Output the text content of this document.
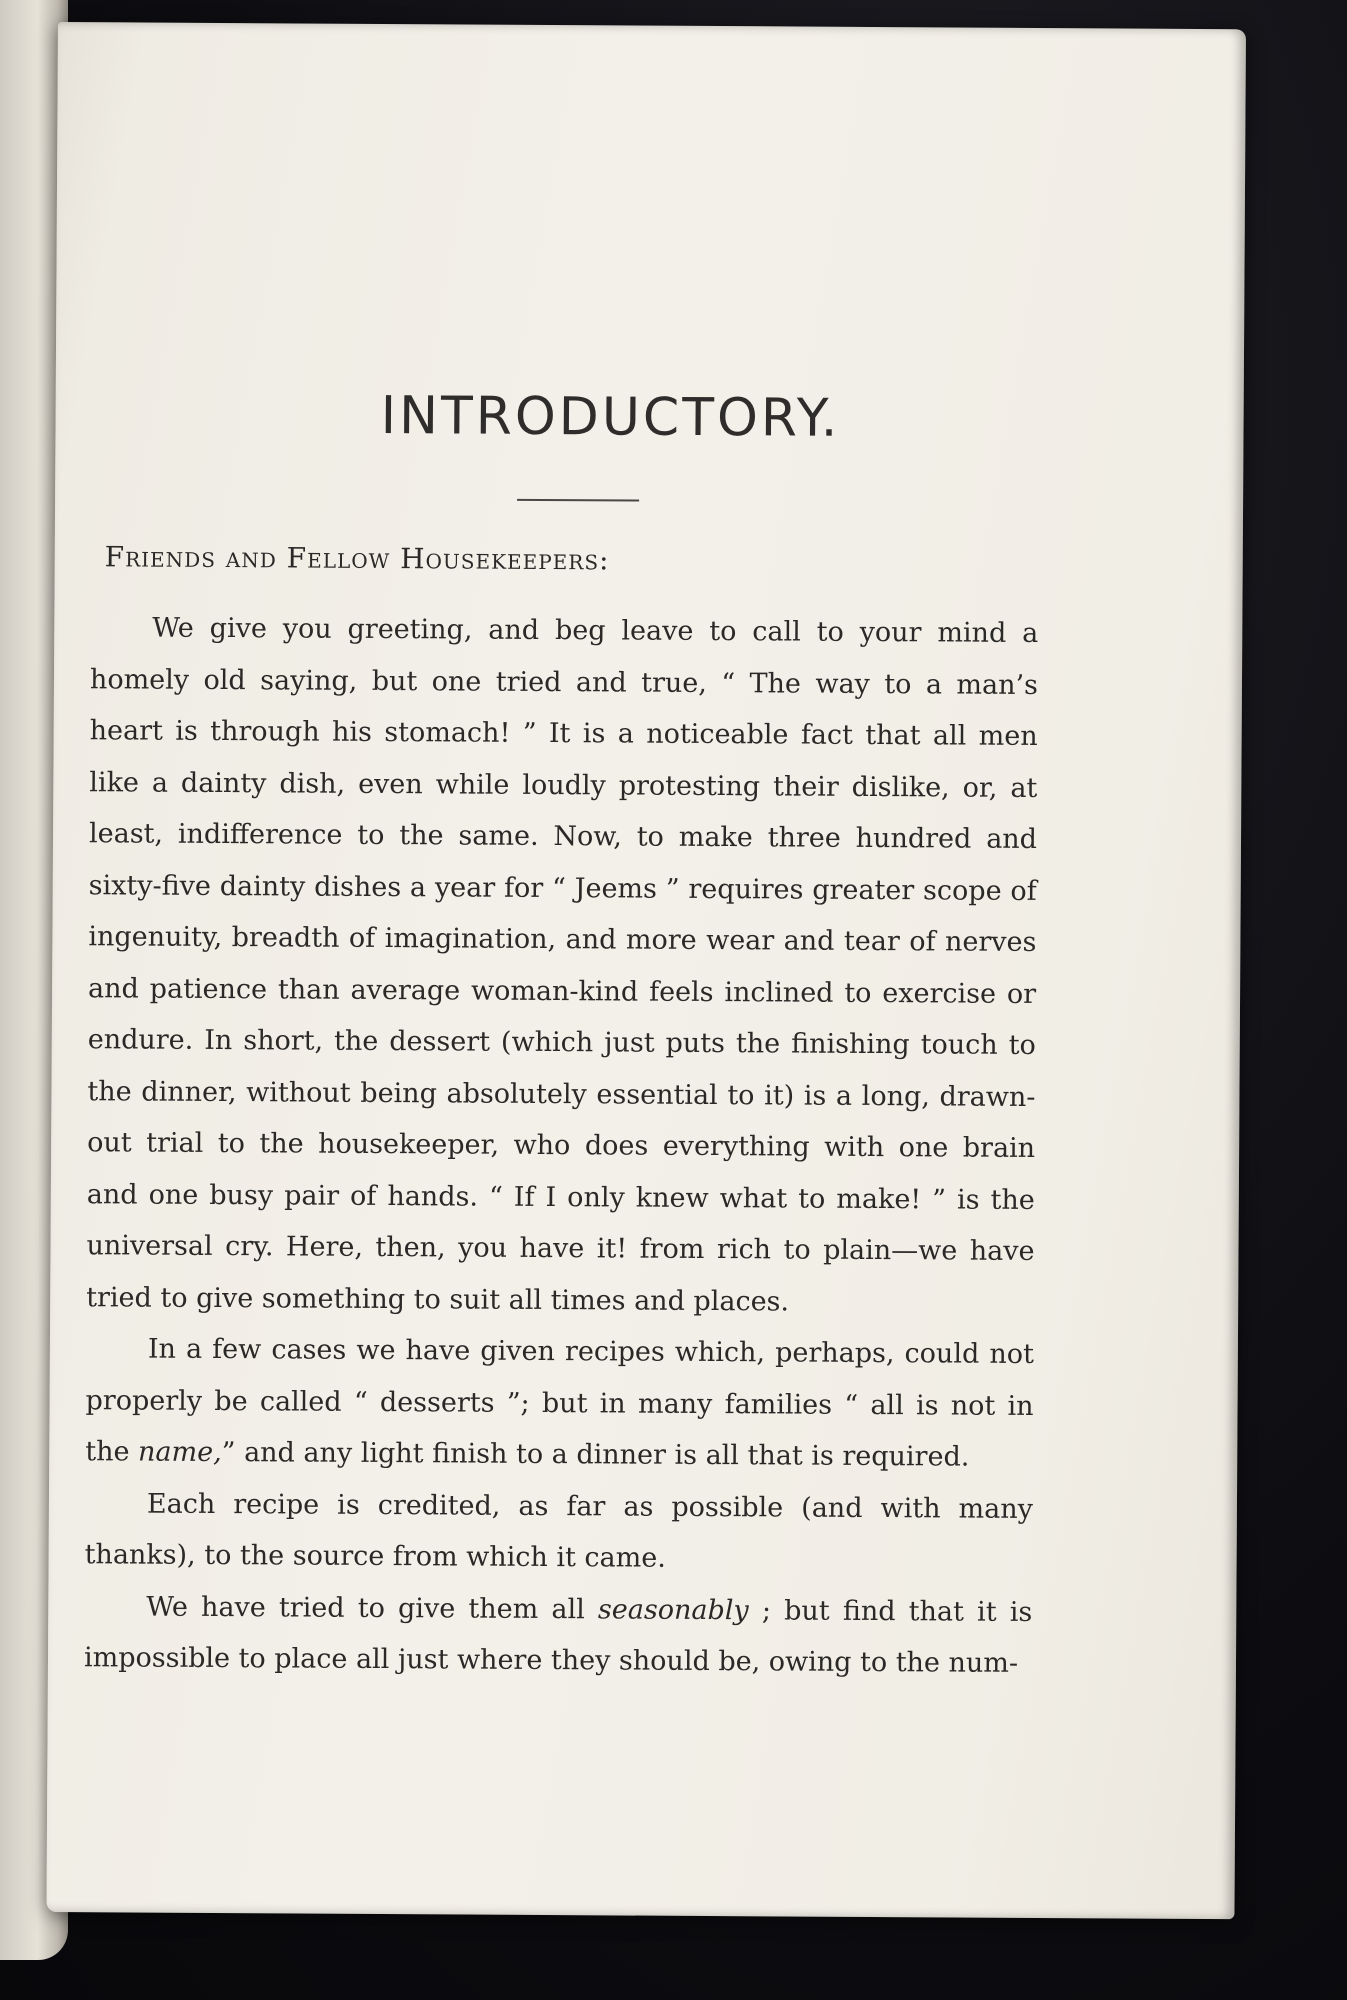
INTRODUCTORY.
Friends and Fellow Housekeepers:

We give you greeting, and beg leave to call to your mind a homely old saying, but one tried and true, “ The way to a man’s heart is through his stomach! ” It is a noticeable fact that all men like a dainty dish, even while loudly protesting their dislike, or, at least, indifference to the same. Now, to make three hundred and sixty-five dainty dishes a year for “ Jeems ” requires greater scope of ingenuity, breadth of imagination, and more wear and tear of nerves and patience than average woman-kind feels inclined to exercise or endure. In short, the dessert (which just puts the finishing touch to the dinner, without being absolutely essential to it) is a long, drawn-out trial to the housekeeper, who does everything with one brain and one busy pair of hands. “ If I only knew what to make! ” is the universal cry. Here, then, you have it! from rich to plain—we have tried to give something to suit all times and places.

In a few cases we have given recipes which, perhaps, could not properly be called “ desserts ”; but in many families “ all is not in the name,” and any light finish to a dinner is all that is required.

Each recipe is credited, as far as possible (and with many thanks), to the source from which it came.

We have tried to give them all seasonably ; but find that it is impossible to place all just where they should be, owing to the num-
